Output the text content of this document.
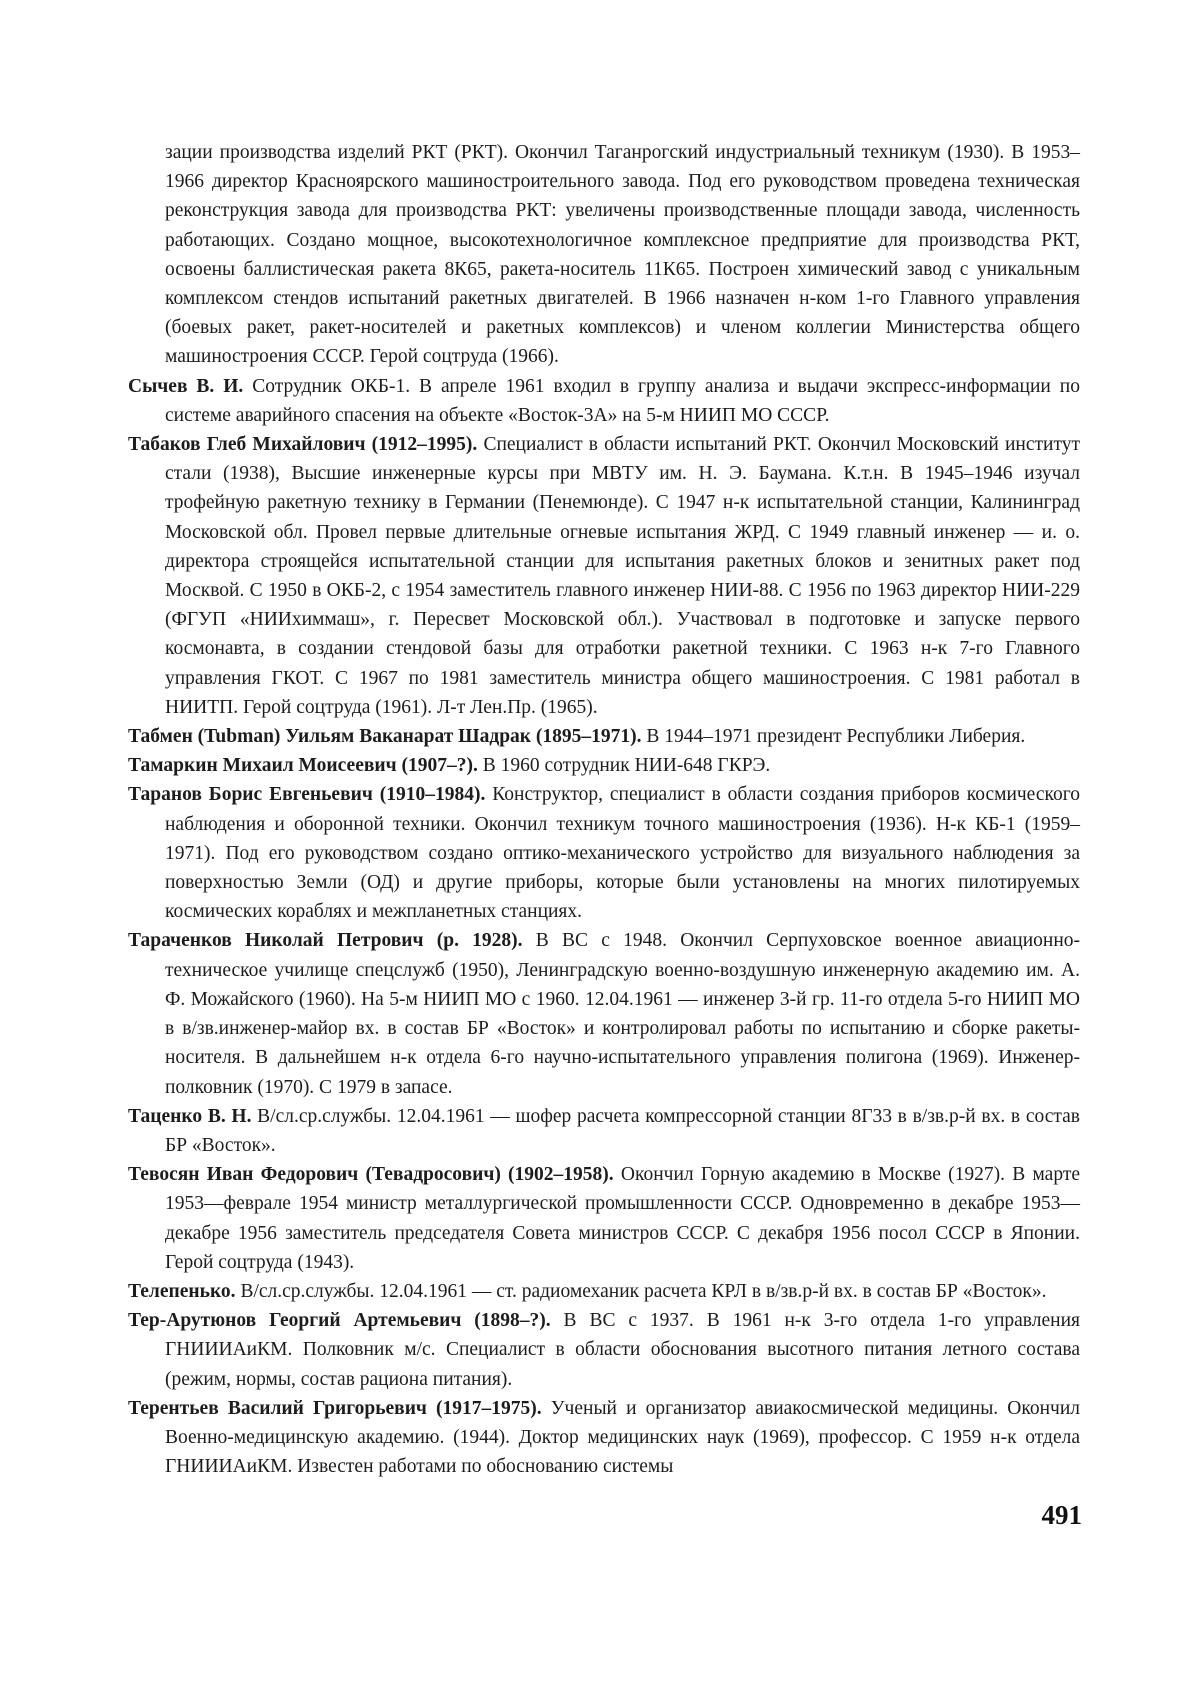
зации производства изделий РКТ (РКТ). Окончил Таганрогский индустриальный техникум (1930). В 1953–1966 директор Красноярского машиностроительного завода. Под его руководством проведена техническая реконструкция завода для производства РКТ: увеличены производственные площади завода, численность работающих. Создано мощное, высокотехнологичное комплексное предприятие для производства РКТ, освоены баллистическая ракета 8К65, ракета-носитель 11К65. Построен химический завод с уникальным комплексом стендов испытаний ракетных двигателей. В 1966 назначен н-ком 1-го Главного управления (боевых ракет, ракет-носителей и ракетных комплексов) и членом коллегии Министерства общего машиностроения СССР. Герой соцтруда (1966).

Сычев В. И. Сотрудник ОКБ-1. В апреле 1961 входил в группу анализа и выдачи экспресс-информации по системе аварийного спасения на объекте «Восток-3А» на 5-м НИИП МО СССР.

Табаков Глеб Михайлович (1912–1995). Специалист в области испытаний РКТ. Окончил Московский институт стали (1938), Высшие инженерные курсы при МВТУ им. Н. Э. Баумана. К.т.н. В 1945–1946 изучал трофейную ракетную технику в Германии (Пенемюнде). С 1947 н-к испытательной станции, Калининград Московской обл. Провел первые длительные огневые испытания ЖРД. С 1949 главный инженер — и. о. директора строящейся испытательной станции для испытания ракетных блоков и зенитных ракет под Москвой. С 1950 в ОКБ-2, с 1954 заместитель главного инженер НИИ-88. С 1956 по 1963 директор НИИ-229 (ФГУП «НИИхиммаш», г. Пересвет Московской обл.). Участвовал в подготовке и запуске первого космонавта, в создании стендовой базы для отработки ракетной техники. С 1963 н-к 7-го Главного управления ГКОТ. С 1967 по 1981 заместитель министра общего машиностроения. С 1981 работал в НИИТП. Герой соцтруда (1961). Л-т Лен.Пр. (1965).

Табмен (Tubman) Уильям Ваканарат Шадрак (1895–1971). В 1944–1971 президент Республики Либерия.

Тамаркин Михаил Моисеевич (1907–?). В 1960 сотрудник НИИ-648 ГКРЭ.

Таранов Борис Евгеньевич (1910–1984). Конструктор, специалист в области создания приборов космического наблюдения и оборонной техники. Окончил техникум точного машиностроения (1936). Н-к КБ-1 (1959–1971). Под его руководством создано оптико-механического устройство для визуального наблюдения за поверхностью Земли (ОД) и другие приборы, которые были установлены на многих пилотируемых космических кораблях и межпланетных станциях.

Тараченков Николай Петрович (р. 1928). В ВС с 1948. Окончил Серпуховское военное авиационно-техническое училище спецслужб (1950), Ленинградскую военно-воздушную инженерную академию им. А. Ф. Можайского (1960). На 5-м НИИП МО с 1960. 12.04.1961 — инженер 3-й гр. 11-го отдела 5-го НИИП МО в в/зв.инженер-майор вх. в состав БР «Восток» и контролировал работы по испытанию и сборке ракеты-носителя. В дальнейшем н-к отдела 6-го научно-испытательного управления полигона (1969). Инженер-полковник (1970). С 1979 в запасе.

Таценко В. Н. В/сл.ср.службы. 12.04.1961 — шофер расчета компрессорной станции 8Г33 в в/зв.р-й вх. в состав БР «Восток».

Тевосян Иван Федорович (Тевадросович) (1902–1958). Окончил Горную академию в Москве (1927). В марте 1953—феврале 1954 министр металлургической промышленности СССР. Одновременно в декабре 1953—декабре 1956 заместитель председателя Совета министров СССР. С декабря 1956 посол СССР в Японии. Герой соцтруда (1943).

Телепенько. В/сл.ср.службы. 12.04.1961 — ст. радиомеханик расчета КРЛ в в/зв.р-й вх. в состав БР «Восток».

Тер-Арутюнов Георгий Артемьевич (1898–?). В ВС с 1937. В 1961 н-к 3-го отдела 1-го управления ГНИИИАиКМ. Полковник м/с. Специалист в области обоснования высотного питания летного состава (режим, нормы, состав рациона питания).

Терентьев Василий Григорьевич (1917–1975). Ученый и организатор авиакосмической медицины. Окончил Военно-медицинскую академию. (1944). Доктор медицинских наук (1969), профессор. С 1959 н-к отдела ГНИИИАиКМ. Известен работами по обоснованию системы

491
